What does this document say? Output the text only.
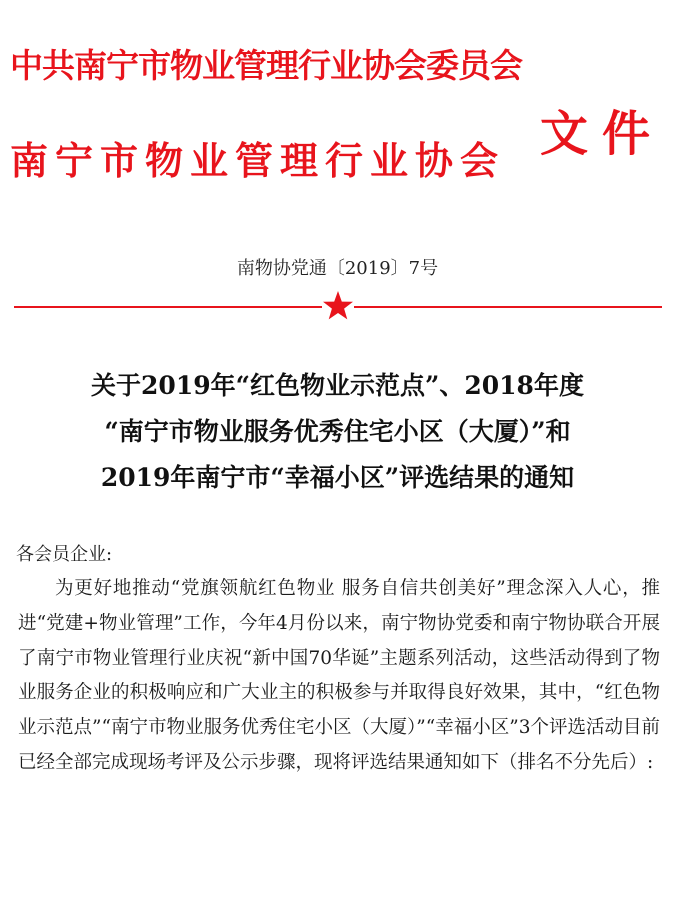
中共南宁市物业管理行业协会委员会
南宁市物业管理行业协会 文件
南物协党通〔2019〕7号
关于2019年“红色物业示范点”、2018年度
“南宁市物业服务优秀住宅小区（大厦）”和
2019年南宁市“幸福小区”评选结果的通知
各会员企业:
为更好地推动“党旗领航红色物业 服务自信共创美好”理念深入人心，推进“党建+物业管理”工作，今年4月份以来，南宁物协党委和南宁物协联合开展了南宁市物业管理行业庆祝“新中国70华诞”主题系列活动，这些活动得到了物业服务企业的积极响应和广大业主的积极参与并取得良好效果，其中，“红色物业示范点”“南宁市物业服务优秀住宅小区（大厦）”“幸福小区”3个评选活动目前已经全部完成现场考评及公示步骤，现将评选结果通知如下（排名不分先后）:
